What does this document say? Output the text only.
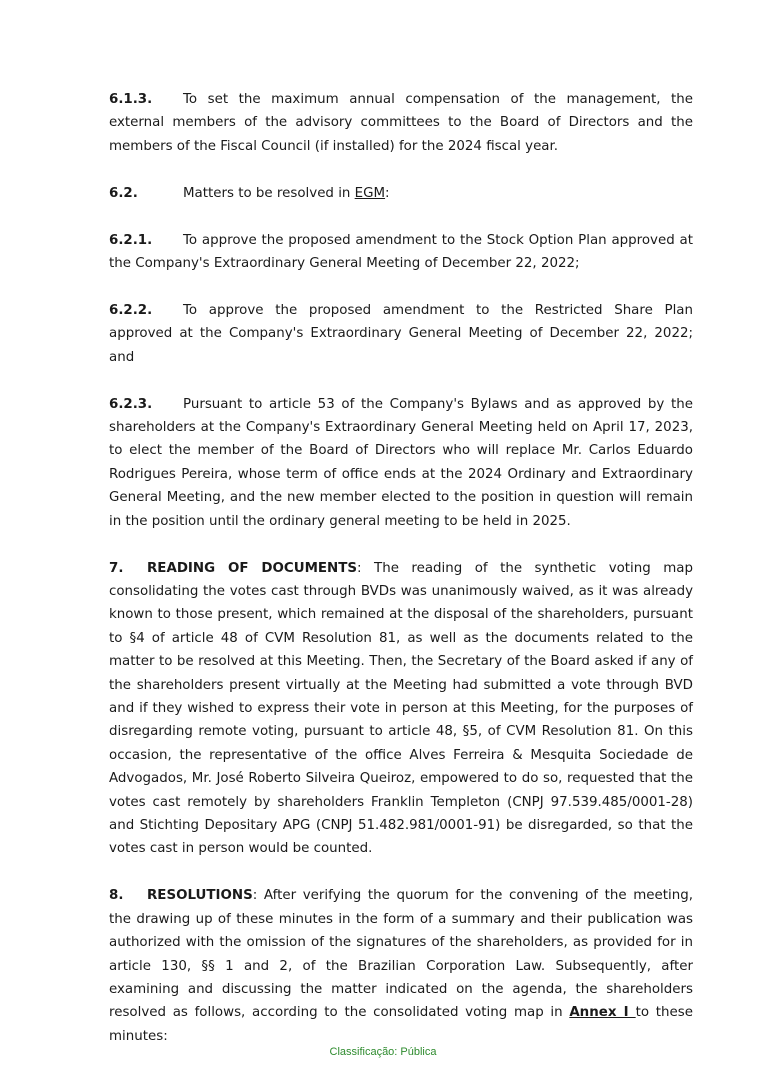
6.1.3. To set the maximum annual compensation of the management, the external members of the advisory committees to the Board of Directors and the members of the Fiscal Council (if installed) for the 2024 fiscal year.

6.2.	Matters to be resolved in EGM:

6.2.1. To approve the proposed amendment to the Stock Option Plan approved at the Company's Extraordinary General Meeting of December 22, 2022;

6.2.2. To approve the proposed amendment to the Restricted Share Plan approved at the Company's Extraordinary General Meeting of December 22, 2022; and

6.2.3. Pursuant to article 53 of the Company's Bylaws and as approved by the shareholders at the Company's Extraordinary General Meeting held on April 17, 2023, to elect the member of the Board of Directors who will replace Mr. Carlos Eduardo Rodrigues Pereira, whose term of office ends at the 2024 Ordinary and Extraordinary General Meeting, and the new member elected to the position in question will remain in the position until the ordinary general meeting to be held in 2025.

7. READING OF DOCUMENTS: The reading of the synthetic voting map consolidating the votes cast through BVDs was unanimously waived, as it was already known to those present, which remained at the disposal of the shareholders, pursuant to §4 of article 48 of CVM Resolution 81, as well as the documents related to the matter to be resolved at this Meeting. Then, the Secretary of the Board asked if any of the shareholders present virtually at the Meeting had submitted a vote through BVD and if they wished to express their vote in person at this Meeting, for the purposes of disregarding remote voting, pursuant to article 48, §5, of CVM Resolution 81. On this occasion, the representative of the office Alves Ferreira & Mesquita Sociedade de Advogados, Mr. José Roberto Silveira Queiroz, empowered to do so, requested that the votes cast remotely by shareholders Franklin Templeton (CNPJ 97.539.485/0001-28) and Stichting Depositary APG (CNPJ 51.482.981/0001-91) be disregarded, so that the votes cast in person would be counted.

8. RESOLUTIONS: After verifying the quorum for the convening of the meeting, the drawing up of these minutes in the form of a summary and their publication was authorized with the omission of the signatures of the shareholders, as provided for in article 130, §§ 1 and 2, of the Brazilian Corporation Law. Subsequently, after examining and discussing the matter indicated on the agenda, the shareholders resolved as follows, according to the consolidated voting map in Annex I to these minutes:

Classificação: Pública
